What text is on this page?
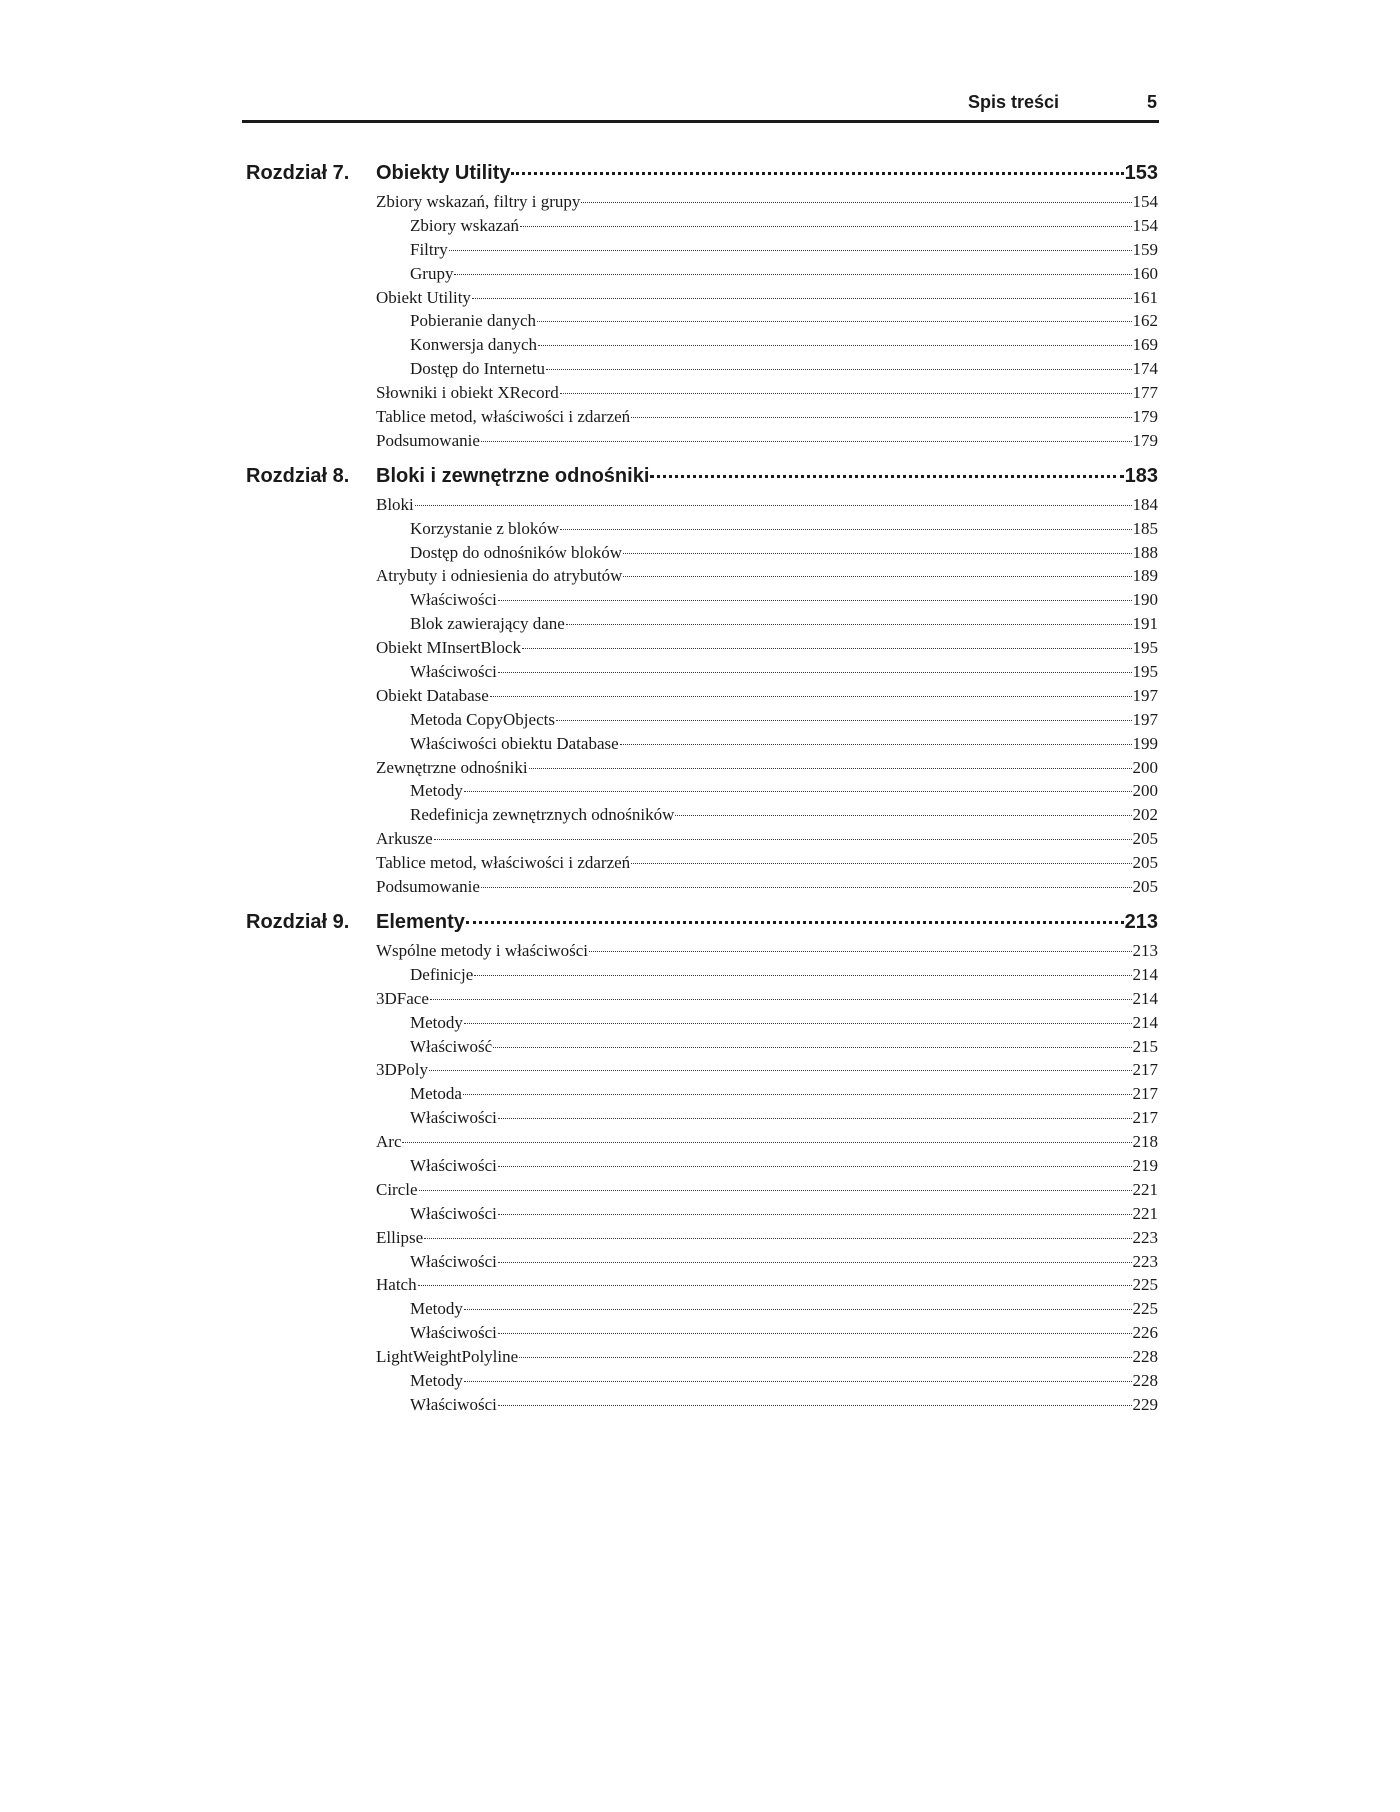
Spis treści	5
Rozdział 7.	Obiekty Utility	153
Zbiory wskazań, filtry i grupy	154
Zbiory wskazań	154
Filtry	159
Grupy	160
Obiekt Utility	161
Pobieranie danych	162
Konwersja danych	169
Dostęp do Internetu	174
Słowniki i obiekt XRecord	177
Tablice metod, właściwości i zdarzeń	179
Podsumowanie	179
Rozdział 8.	Bloki i zewnętrzne odnośniki	183
Bloki	184
Korzystanie z bloków	185
Dostęp do odnośników bloków	188
Atrybuty i odniesienia do atrybutów	189
Właściwości	190
Blok zawierający dane	191
Obiekt MInsertBlock	195
Właściwości	195
Obiekt Database	197
Metoda CopyObjects	197
Właściwości obiektu Database	199
Zewnętrzne odnośniki	200
Metody	200
Redefinicja zewnętrznych odnośników	202
Arkusze	205
Tablice metod, właściwości i zdarzeń	205
Podsumowanie	205
Rozdział 9.	Elementy	213
Wspólne metody i właściwości	213
Definicje	214
3DFace	214
Metody	214
Właściwość	215
3DPoly	217
Metoda	217
Właściwości	217
Arc	218
Właściwości	219
Circle	221
Właściwości	221
Ellipse	223
Właściwości	223
Hatch	225
Metody	225
Właściwości	226
LightWeightPolyline	228
Metody	228
Właściwości	229
